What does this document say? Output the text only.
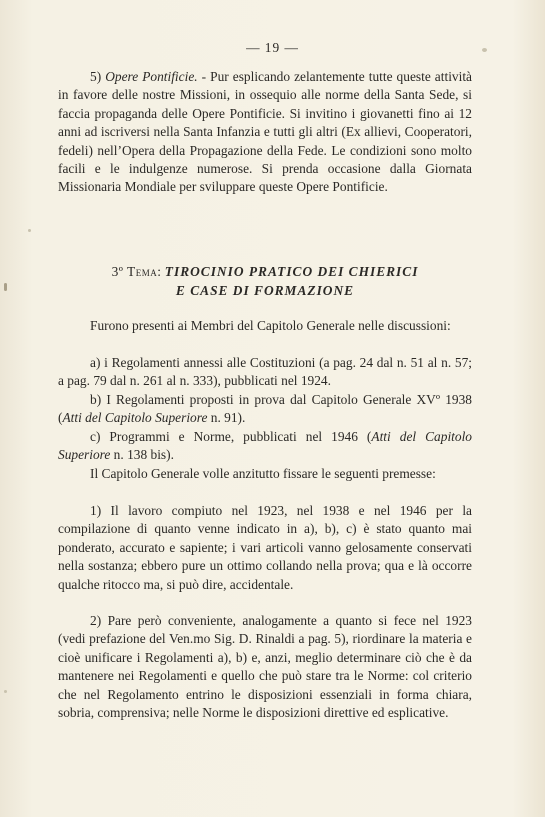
— 19 —

5) Opere Pontificie. - Pur esplicando zelantemente tutte queste attività in favore delle nostre Missioni, in ossequio alle norme della Santa Sede, si faccia propaganda delle Opere Pontificie. Si invitino i giovanetti fino ai 12 anni ad iscriversi nella Santa Infanzia e tutti gli altri (Ex allievi, Cooperatori, fedeli) nell’Opera della Propagazione della Fede. Le condizioni sono molto facili e le indulgenze numerose. Si prenda occasione dalla Giornata Missionaria Mondiale per sviluppare queste Opere Pontificie.

3º Tema: TIROCINIO PRATICO DEI CHIERICI

E CASE DI FORMAZIONE

Furono presenti ai Membri del Capitolo Generale nelle discussioni:

a) i Regolamenti annessi alle Costituzioni (a pag. 24 dal n. 51 al n. 57; a pag. 79 dal n. 261 al n. 333), pubblicati nel 1924.

b) I Regolamenti proposti in prova dal Capitolo Generale XVº 1938 (Atti del Capitolo Superiore n. 91).

c) Programmi e Norme, pubblicati nel 1946 (Atti del Capitolo Superiore n. 138 bis).

Il Capitolo Generale volle anzitutto fissare le seguenti premesse:

1) Il lavoro compiuto nel 1923, nel 1938 e nel 1946 per la compilazione di quanto venne indicato in a), b), c) è stato quanto mai ponderato, accurato e sapiente; i vari articoli vanno gelosamente conservati nella sostanza; ebbero pure un ottimo collando nella prova; qua e là occorre qualche ritocco ma, si può dire, accidentale.

2) Pare però conveniente, analogamente a quanto si fece nel 1923 (vedi prefazione del Ven.mo Sig. D. Rinaldi a pag. 5), riordinare la materia e cioè unificare i Regolamenti a), b) e, anzi, meglio determinare ciò che è da mantenere nei Regolamenti e quello che può stare tra le Norme: col criterio che nel Regolamento entrino le disposizioni essenziali in forma chiara, sobria, comprensiva; nelle Norme le disposizioni direttive ed esplicative.
